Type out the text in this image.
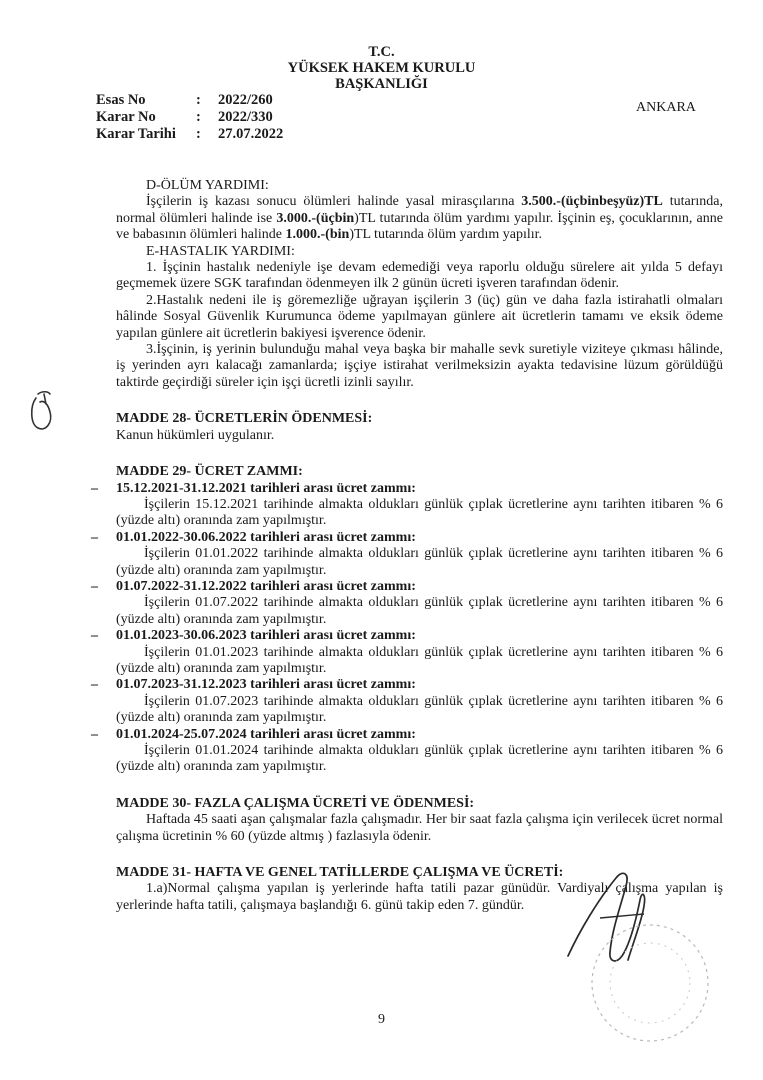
T.C.
YÜKSEK HAKEM KURULU
BAŞKANLIĞI
Esas No	:	2022/260
Karar No	:	2022/330
Karar Tarihi	:	27.07.2022
ANKARA

D-ÖLÜM YARDIMI:

İşçilerin iş kazası sonucu ölümleri halinde yasal mirasçılarına 3.500.-(üçbinbeşyüz)TL tutarında, normal ölümleri halinde ise 3.000.-(üçbin)TL tutarında ölüm yardımı yapılır. İşçinin eş, çocuklarının, anne ve babasının ölümleri halinde 1.000.-(bin)TL tutarında ölüm yardım yapılır.

E-HASTALIK YARDIMI:

1. İşçinin hastalık nedeniyle işe devam edemediği veya raporlu olduğu sürelere ait yılda 5 defayı geçmemek üzere SGK tarafından ödenmeyen ilk 2 günün ücreti işveren tarafından ödenir.

2.Hastalık nedeni ile iş göremezliğe uğrayan işçilerin 3 (üç) gün ve daha fazla istirahatli olmaları hâlinde Sosyal Güvenlik Kurumunca ödeme yapılmayan günlere ait ücretlerin tamamı ve eksik ödeme yapılan günlere ait ücretlerin bakiyesi işverence ödenir.

3.İşçinin, iş yerinin bulunduğu mahal veya başka bir mahalle sevk suretiyle viziteye çıkması hâlinde, iş yerinden ayrı kalacağı zamanlarda; işçiye istirahat verilmeksizin ayakta tedavisine lüzum görüldüğü taktirde geçirdiği süreler için işçi ücretli izinli sayılır.

MADDE 28- ÜCRETLERİN ÖDENMESİ:

Kanun hükümleri uygulanır.

MADDE 29- ÜCRET ZAMMI:

– 15.12.2021-31.12.2021 tarihleri arası ücret zammı:

İşçilerin 15.12.2021 tarihinde almakta oldukları günlük çıplak ücretlerine aynı tarihten itibaren % 6 (yüzde altı) oranında zam yapılmıştır.

– 01.01.2022-30.06.2022 tarihleri arası ücret zammı:

İşçilerin 01.01.2022 tarihinde almakta oldukları günlük çıplak ücretlerine aynı tarihten itibaren % 6 (yüzde altı) oranında zam yapılmıştır.

– 01.07.2022-31.12.2022 tarihleri arası ücret zammı:

İşçilerin 01.07.2022 tarihinde almakta oldukları günlük çıplak ücretlerine aynı tarihten itibaren % 6 (yüzde altı) oranında zam yapılmıştır.

– 01.01.2023-30.06.2023 tarihleri arası ücret zammı:

İşçilerin 01.01.2023 tarihinde almakta oldukları günlük çıplak ücretlerine aynı tarihten itibaren % 6 (yüzde altı) oranında zam yapılmıştır.

– 01.07.2023-31.12.2023 tarihleri arası ücret zammı:

İşçilerin 01.07.2023 tarihinde almakta oldukları günlük çıplak ücretlerine aynı tarihten itibaren % 6 (yüzde altı) oranında zam yapılmıştır.

– 01.01.2024-25.07.2024 tarihleri arası ücret zammı:

İşçilerin 01.01.2024 tarihinde almakta oldukları günlük çıplak ücretlerine aynı tarihten itibaren % 6 (yüzde altı) oranında zam yapılmıştır.

MADDE 30- FAZLA ÇALIŞMA ÜCRETİ VE ÖDENMESİ:

Haftada 45 saati aşan çalışmalar fazla çalışmadır. Her bir saat fazla çalışma için verilecek ücret normal çalışma ücretinin % 60 (yüzde altmış ) fazlasıyla ödenir.

MADDE 31- HAFTA VE GENEL TATİLLERDE ÇALIŞMA VE ÜCRETİ:

1.a)Normal çalışma yapılan iş yerlerinde hafta tatili pazar günüdür. Vardiyalı çalışma yapılan iş yerlerinde hafta tatili, çalışmaya başlandığı 6. günü takip eden 7. gündür.

9
